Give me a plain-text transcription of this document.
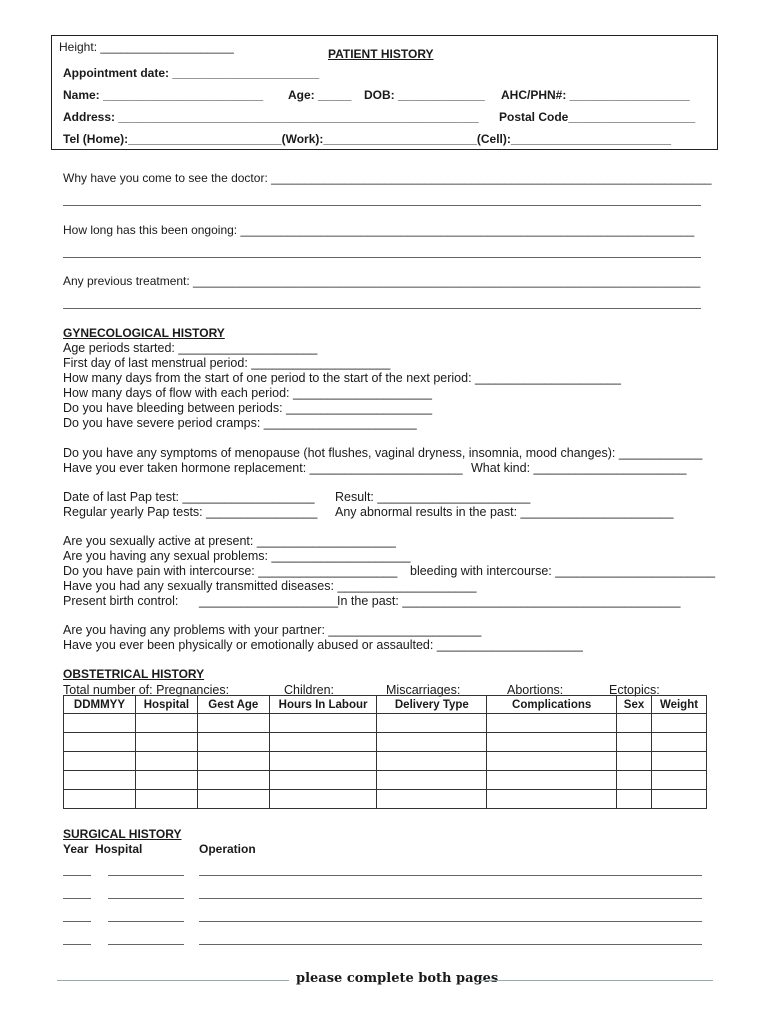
Height: ____________________	PATIENT HISTORY
Appointment date: ______________________
Name: ________________________ Age: _____ DOB: _____________ AHC/PHN#: __________________
Address: ______________________________________________________ Postal Code___________________
Tel (Home):_______________________(Work):_______________________(Cell):________________________
Why have you come to see the doctor: __________________________________________________________________
How long has this been ongoing: ____________________________________________________________________
Any previous treatment: ____________________________________________________________________________
GYNECOLOGICAL HISTORY
Age periods started: ____________________
First day of last menstrual period: ____________________
How many days from the start of one period to the start of the next period: _____________________
How many days of flow with each period: ____________________
Do you have bleeding between periods: _____________________
Do you have severe period cramps: ______________________
Do you have any symptoms of menopause (hot flushes, vaginal dryness, insomnia, mood changes): ____________
Have you ever taken hormone replacement: ______________________ What kind: ______________________
Date of last Pap test: ___________________ Result: ______________________
Regular yearly Pap tests: ________________ Any abnormal results in the past: ______________________
Are you sexually active at present: ____________________
Are you having any sexual problems: ____________________
Do you have pain with intercourse: ____________________ bleeding with intercourse: _______________________
Have you had any sexually transmitted diseases: ____________________
Present birth control: ____________________
In the past: ________________________________________
Are you having any problems with your partner: ______________________
Have you ever been physically or emotionally abused or assaulted: _____________________
OBSTETRICAL HISTORY
Total number of: Pregnancies:	Children:	Miscarriages:	Abortions:	Ectopics:
DDMMYY	Hospital	Gest Age	Hours In Labour	Delivery Type	Complications	Sex	Weight

SURGICAL HISTORY
Year Hospital	Operation
please complete both pages
